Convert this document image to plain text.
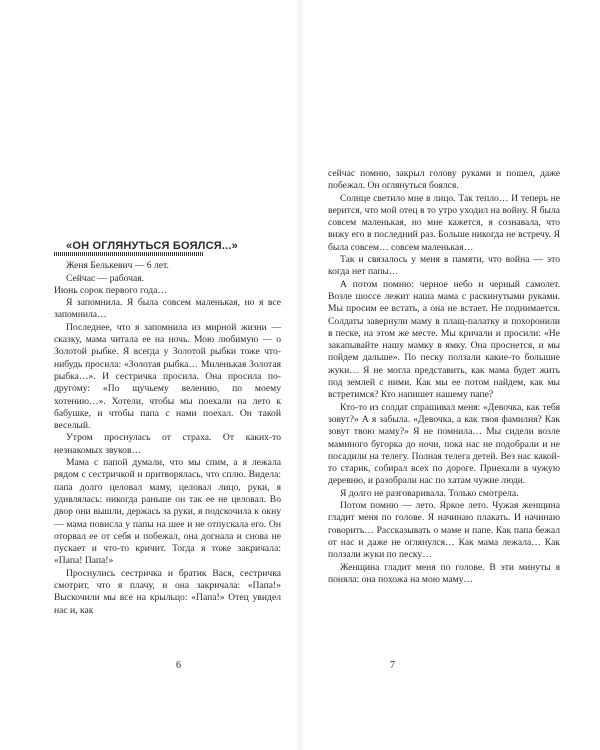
«ОН ОГЛЯНУТЬСЯ БОЯЛСЯ...»

Женя Белькевич — 6 лет.

Сейчас — рабочая.

Июнь сорок первого года…

Я запомнила. Я была совсем маленькая, но я все запомнила…

Последнее, что я запомнила из мирной жизни — сказку, мама читала ее на ночь. Мою любимую — о Золотой рыбке. Я всегда у Золотой рыбки тоже что-нибудь просила: «Золотая рыбка… Миленькая Золотая рыбка…». И сестричка просила. Она просила по-другому: «По щучьему велению, по моему хотению…». Хотели, чтобы мы поехали на лето к бабушке, и чтобы папа с нами поехал. Он такой веселый.

Утром проснулась от страха. От каких-то незнакомых звуков…

Мама с папой думали, что мы спим, а я лежала рядом с сестричкой и притворялась, что сплю. Видела: папа долго целовал маму, целовал лицо, руки, я удивлялась: никогда раньше он так ее не целовал. Во двор они вышли, держась за руки, я подскочила к окну — мама повисла у папы на шее и не отпускала его. Он оторвал ее от себя и побежал, она догнала и снова не пускает и что-то кричит. Тогда я тоже закричала: «Папа! Папа!»

Проснулись сестричка и братик Вася, сестричка смотрит, что я плачу, и она закричала: «Папа!» Выскочили мы все на крыльцо: «Папа!» Отец увидел нас и, как

6

сейчас помню, закрыл голову руками и пошел, даже побежал. Он оглянуться боялся.

Солнце светило мне в лицо. Так тепло… И теперь не верится, что мой отец в то утро уходил на войну. Я была совсем маленькая, но мне кажется, я сознавала, что вижу его в последний раз. Больше никогда не встречу. Я была совсем… совсем маленькая…

Так и связалось у меня в памяти, что война — это когда нет папы…

А потом помню: черное небо и черный самолет. Возле шоссе лежит наша мама с раскинутыми руками. Мы просим ее встать, а она не встает. Не поднимается. Солдаты завернули маму в плащ-палатку и похоронили в песке, на этом же месте. Мы кричали и просили: «Не закапывайте нашу мамку в ямку. Она проснется, и мы пойдем дальше». По песку ползали какие-то большие жуки… Я не могла представить, как мама будет жить под землей с ними. Как мы ее потом найдем, как мы встретимся? Кто напишет нашему папе?

Кто-то из солдат спрашивал меня: «Девочка, как тебя зовут?» А я забыла. «Девочка, а как твоя фамилия? Как зовут твою маму?» Я не помнила… Мы сидели возле маминого бугорка до ночи, пока нас не подобрали и не посадили на телегу. Полная телега детей. Вез нас какой-то старик, собирал всех по дороге. Приехали в чужую деревню, и разобрали нас по хатам чужие люди.

Я долго не разговаривала. Только смотрела.

Потом помню — лето. Яркое лето. Чужая женщина гладит меня по голове. Я начинаю плакать. И начинаю говорить… Рассказывать о маме и папе. Как папа бежал от нас и даже не оглянулся… Как мама лежала… Как ползали жуки по песку…

Женщина гладит меня по голове. В эти минуты я поняла: она похожа на мою маму…

7
